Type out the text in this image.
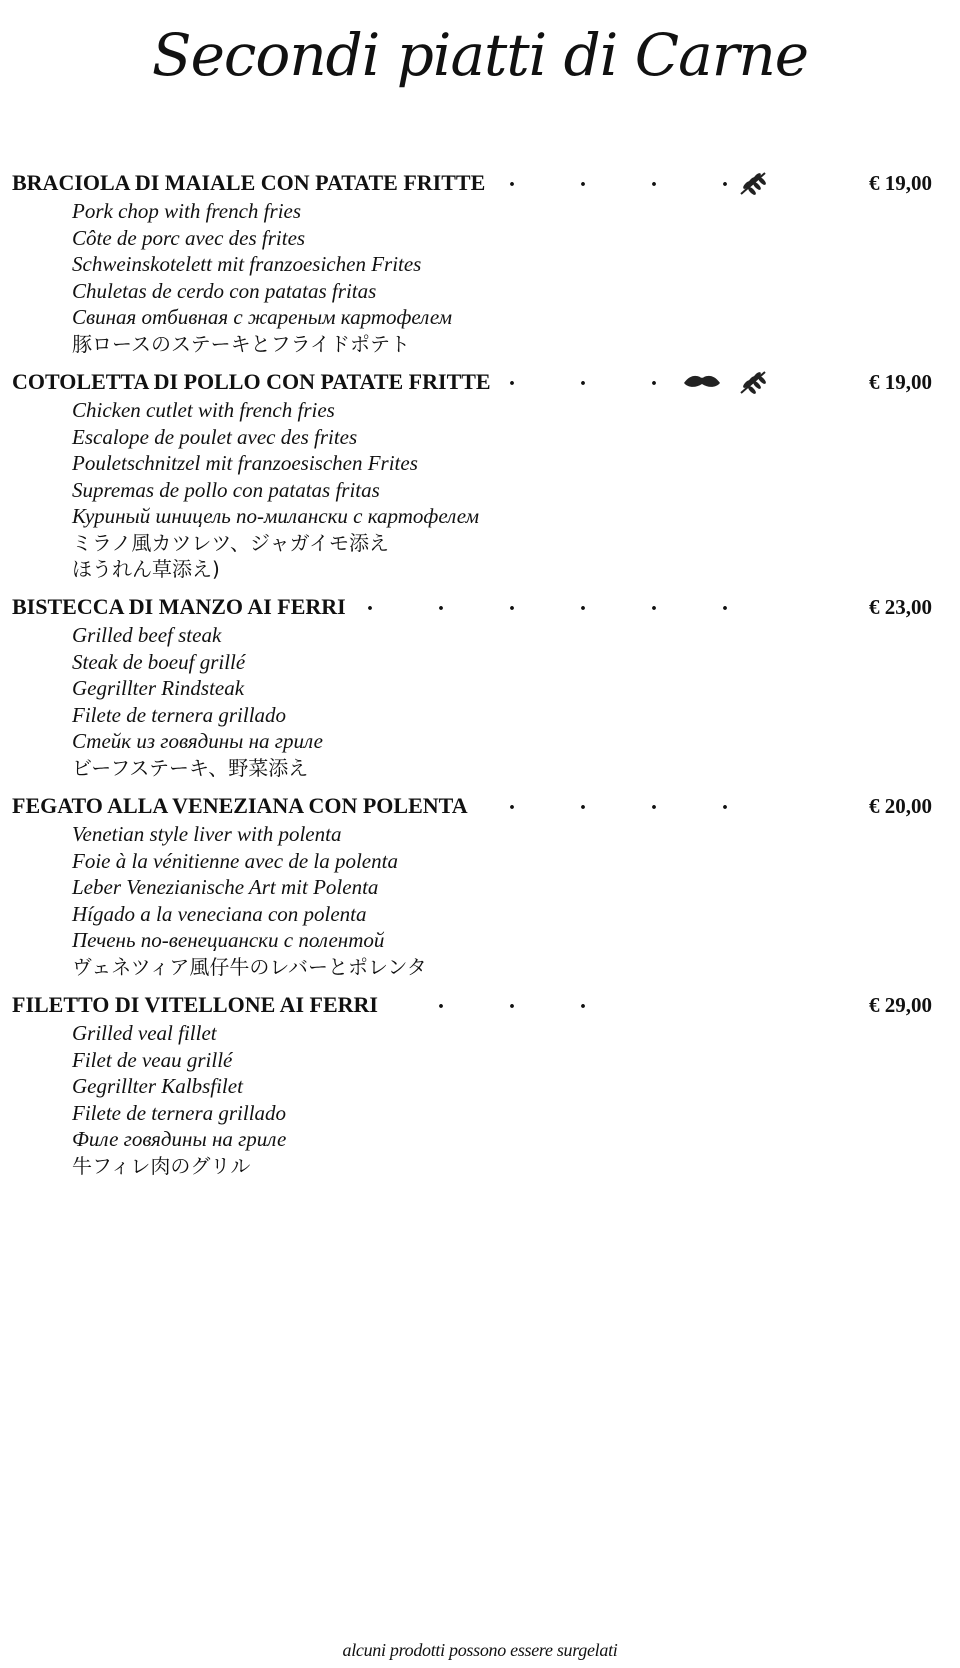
Secondi piatti di Carne
BRACIOLA DI MAIALE CON PATATE FRITTE .	.	.	.	€ 19,00
Pork chop with french fries
Côte de porc avec des frites
Schweinskotelett mit franzoesichen Frites
Chuletas de cerdo con patatas fritas
Свиная отбивная с жареным картофелем
豚ロースのステーキとフライドポテト
COTOLETTA DI POLLO CON PATATE FRITTE .	.	.	€ 19,00
Chicken cutlet with french fries
Escalope de poulet avec des frites
Pouletschnitzel mit franzoesischen Frites
Supremas de pollo con patatas fritas
Куриный шницель по-милански с картофелем
ミラノ風カツレツ、ジャガイモ添え
ほうれん草添え)
BISTECCA DI MANZO AI FERRI .	.	.	.	.	.	€ 23,00
Grilled beef steak
Steak de boeuf grillé
Gegrillter Rindsteak
Filete de ternera grillado
Стейк из говядины на гриле
ビーフステーキ、野菜添え
FEGATO ALLA VENEZIANA CON POLENTA .	.	.	.	€ 20,00
Venetian style liver with polenta
Foie à la vénitienne avec de la polenta
Leber Venezianische Art mit Polenta
Hígado a la veneciana con polenta
Печень по-венециански с полентой
ヴェネツィア風仔牛のレバーとポレンタ
FILETTO DI VITELLONE AI FERRI	.	.	.	€ 29,00
Grilled veal fillet
Filet de veau grillé
Gegrillter Kalbsfilet
Filete de ternera grillado
Филе говядины на гриле
牛フィレ肉のグリル
alcuni prodotti possono essere surgelati
